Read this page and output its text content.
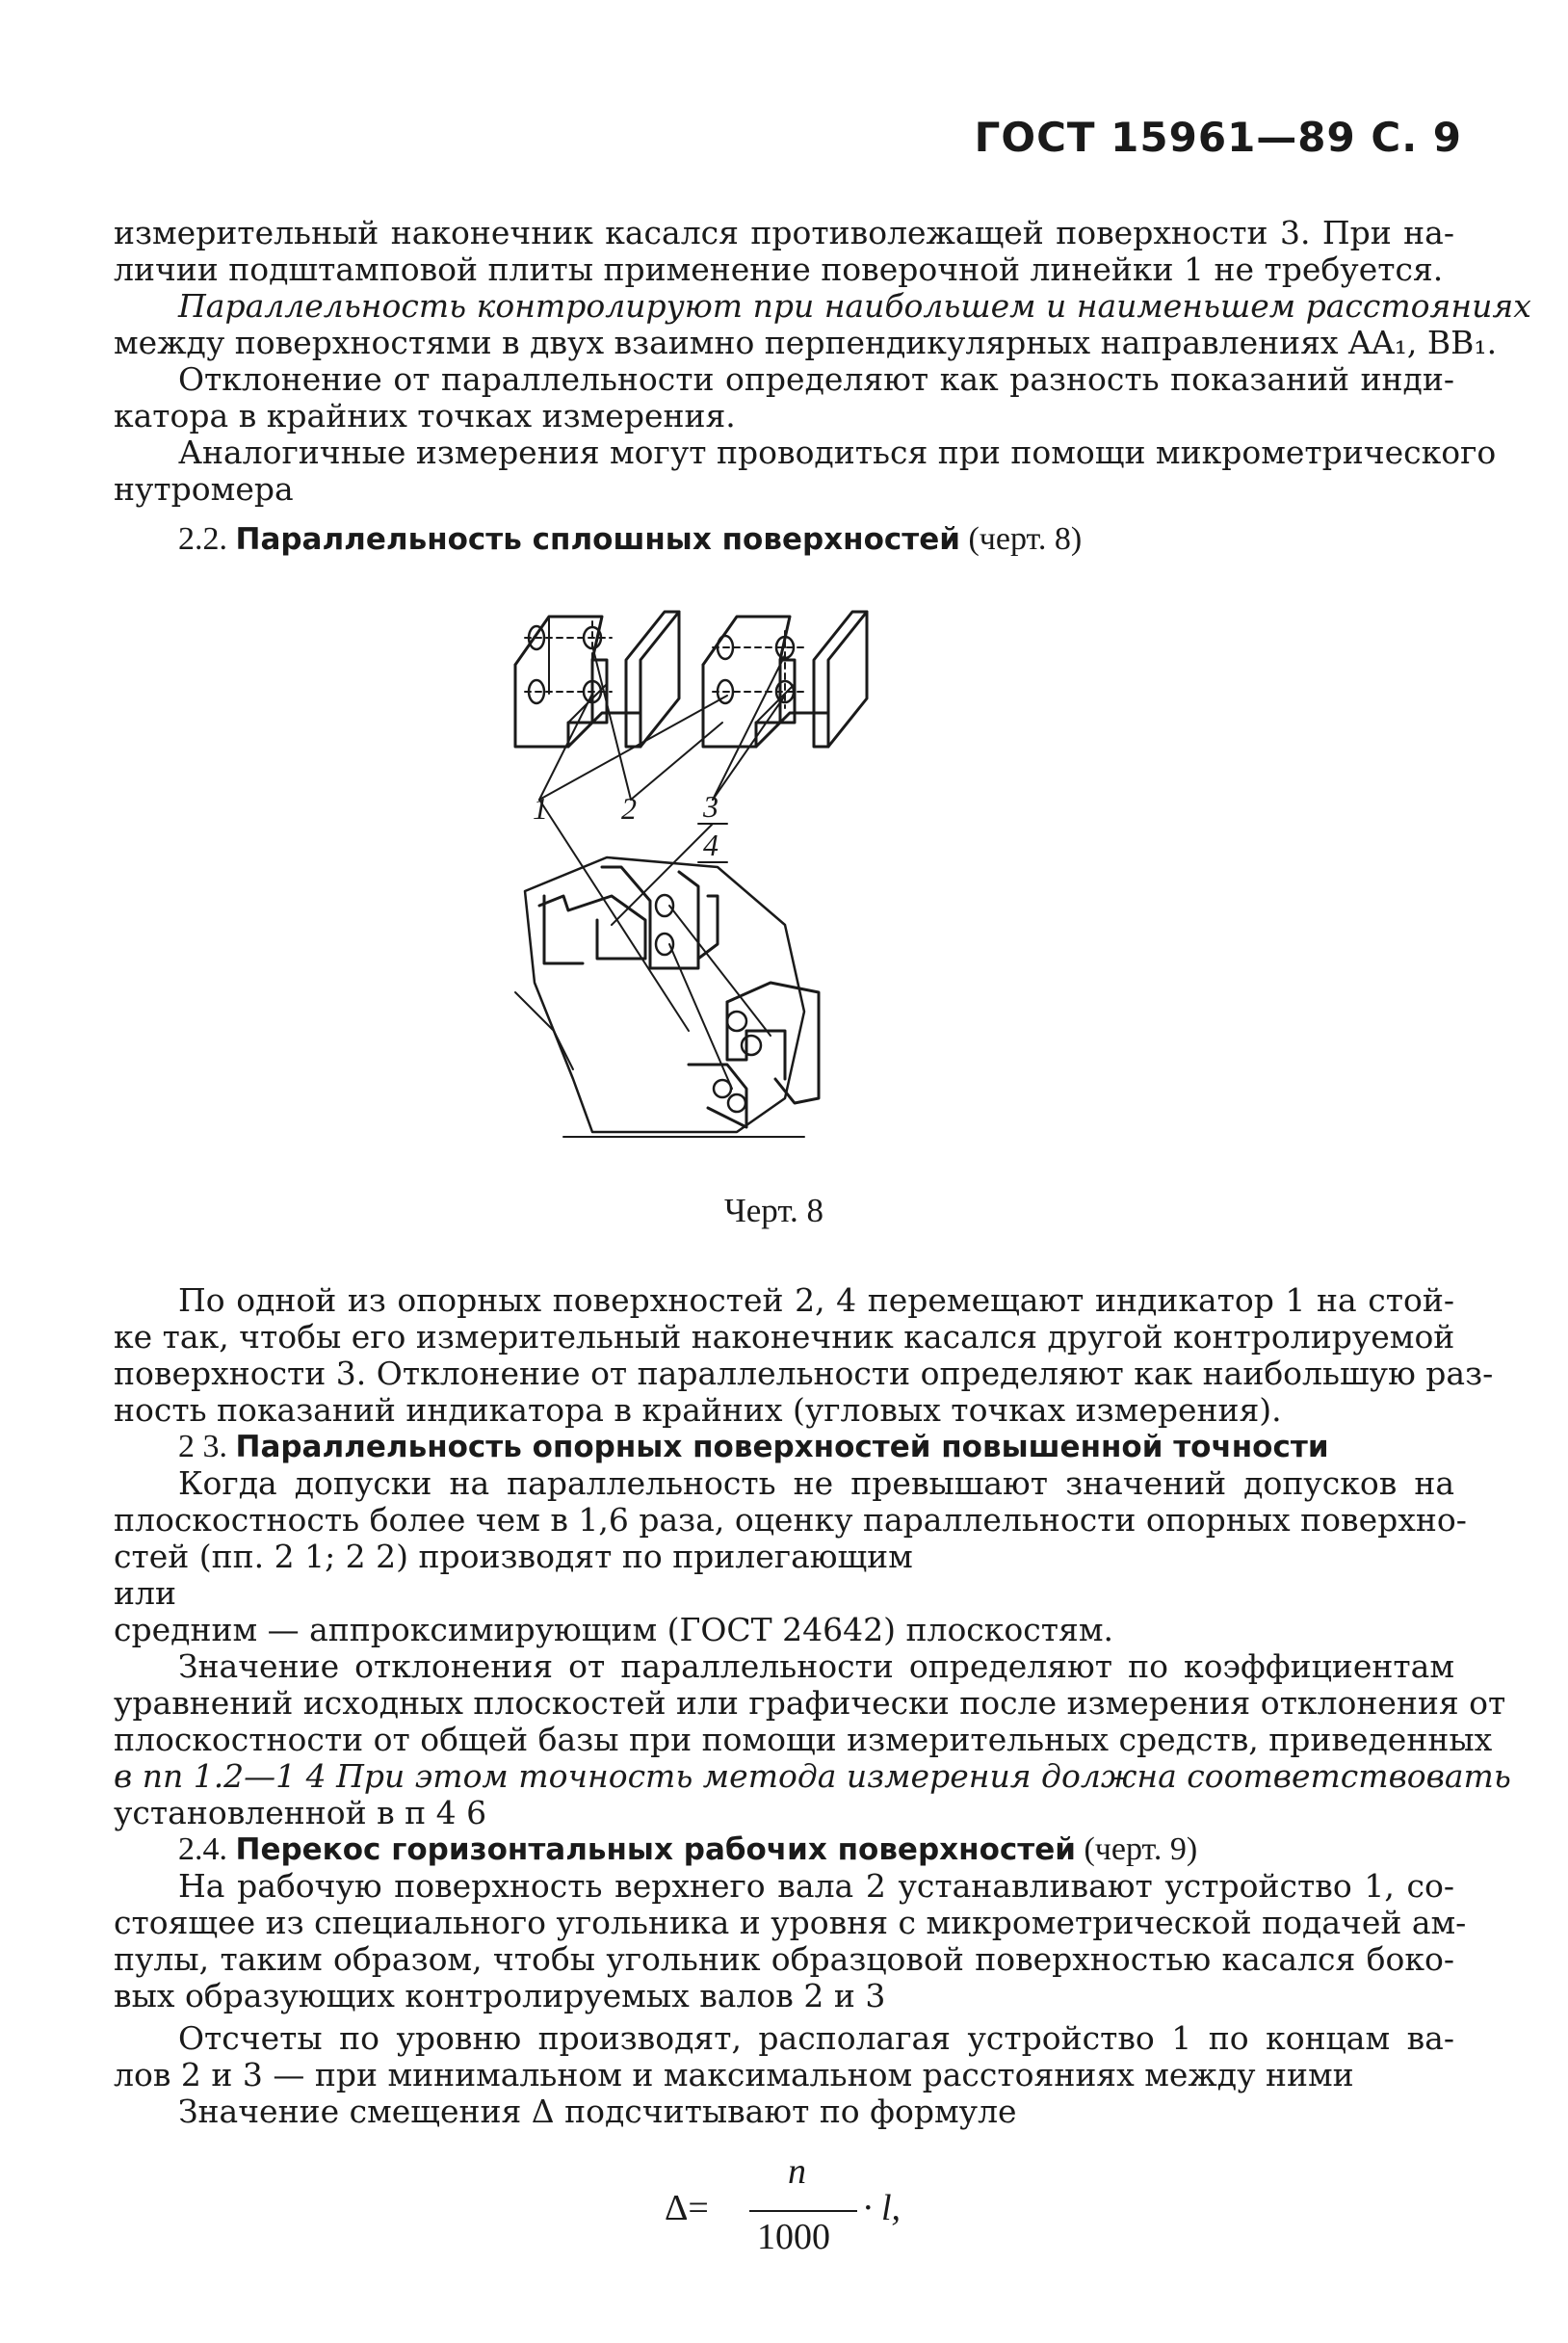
ГОСТ 15961—89 С. 9
измерительный наконечник касался противолежащей поверхности 3. При на-
личии подштамповой плиты применение поверочной линейки 1 не требуется.
Параллельность контролируют при наибольшем и наименьшем расстояниях
между поверхностями в двух взаимно перпендикулярных направлениях AA₁, BB₁.
Отклонение от параллельности определяют как разность показаний инди-
катора в крайних точках измерения.
Аналогичные измерения могут проводиться при помощи микрометрического
нутромера
2.2. Параллельность сплошных поверхностей (черт. 8)
1 2 3
4
Черт. 8
По одной из опорных поверхностей 2, 4 перемещают индикатор 1 на стой-
ке так, чтобы его измерительный наконечник касался другой контролируемой
поверхности 3. Отклонение от параллельности определяют как наибольшую раз-
ность показаний индикатора в крайних (угловых точках измерения).
2 3. Параллельность опорных поверхностей повышенной точности
Когда допуски на параллельность не превышают значений допусков на
плоскостность более чем в 1,6 раза, оценку параллельности опорных поверхно-
стей (пп. 2 1; 2 2) производят по прилегающим
или
средним — аппроксимирующим (ГОСТ 24642) плоскостям.
Значение отклонения от параллельности определяют по коэффициентам
уравнений исходных плоскостей или графически после измерения отклонения от
плоскостности от общей базы при помощи измерительных средств, приведенных
в пп 1.2—1 4 При этом точность метода измерения должна соответствовать
установленной в п 4 6
2.4. Перекос горизонтальных рабочих поверхностей (черт. 9)
На рабочую поверхность верхнего вала 2 устанавливают устройство 1, со-
стоящее из специального угольника и уровня с микрометрической подачей ам-
пулы, таким образом, чтобы угольник образцовой поверхностью касался боко-
вых образующих контролируемых валов 2 и 3
Отсчеты по уровню производят, располагая устройство 1 по концам ва-
лов 2 и 3 — при минимальном и максимальном расстояниях между ними
Значение смещения Δ подсчитывают по формуле
Δ=
n
1000
· l,
